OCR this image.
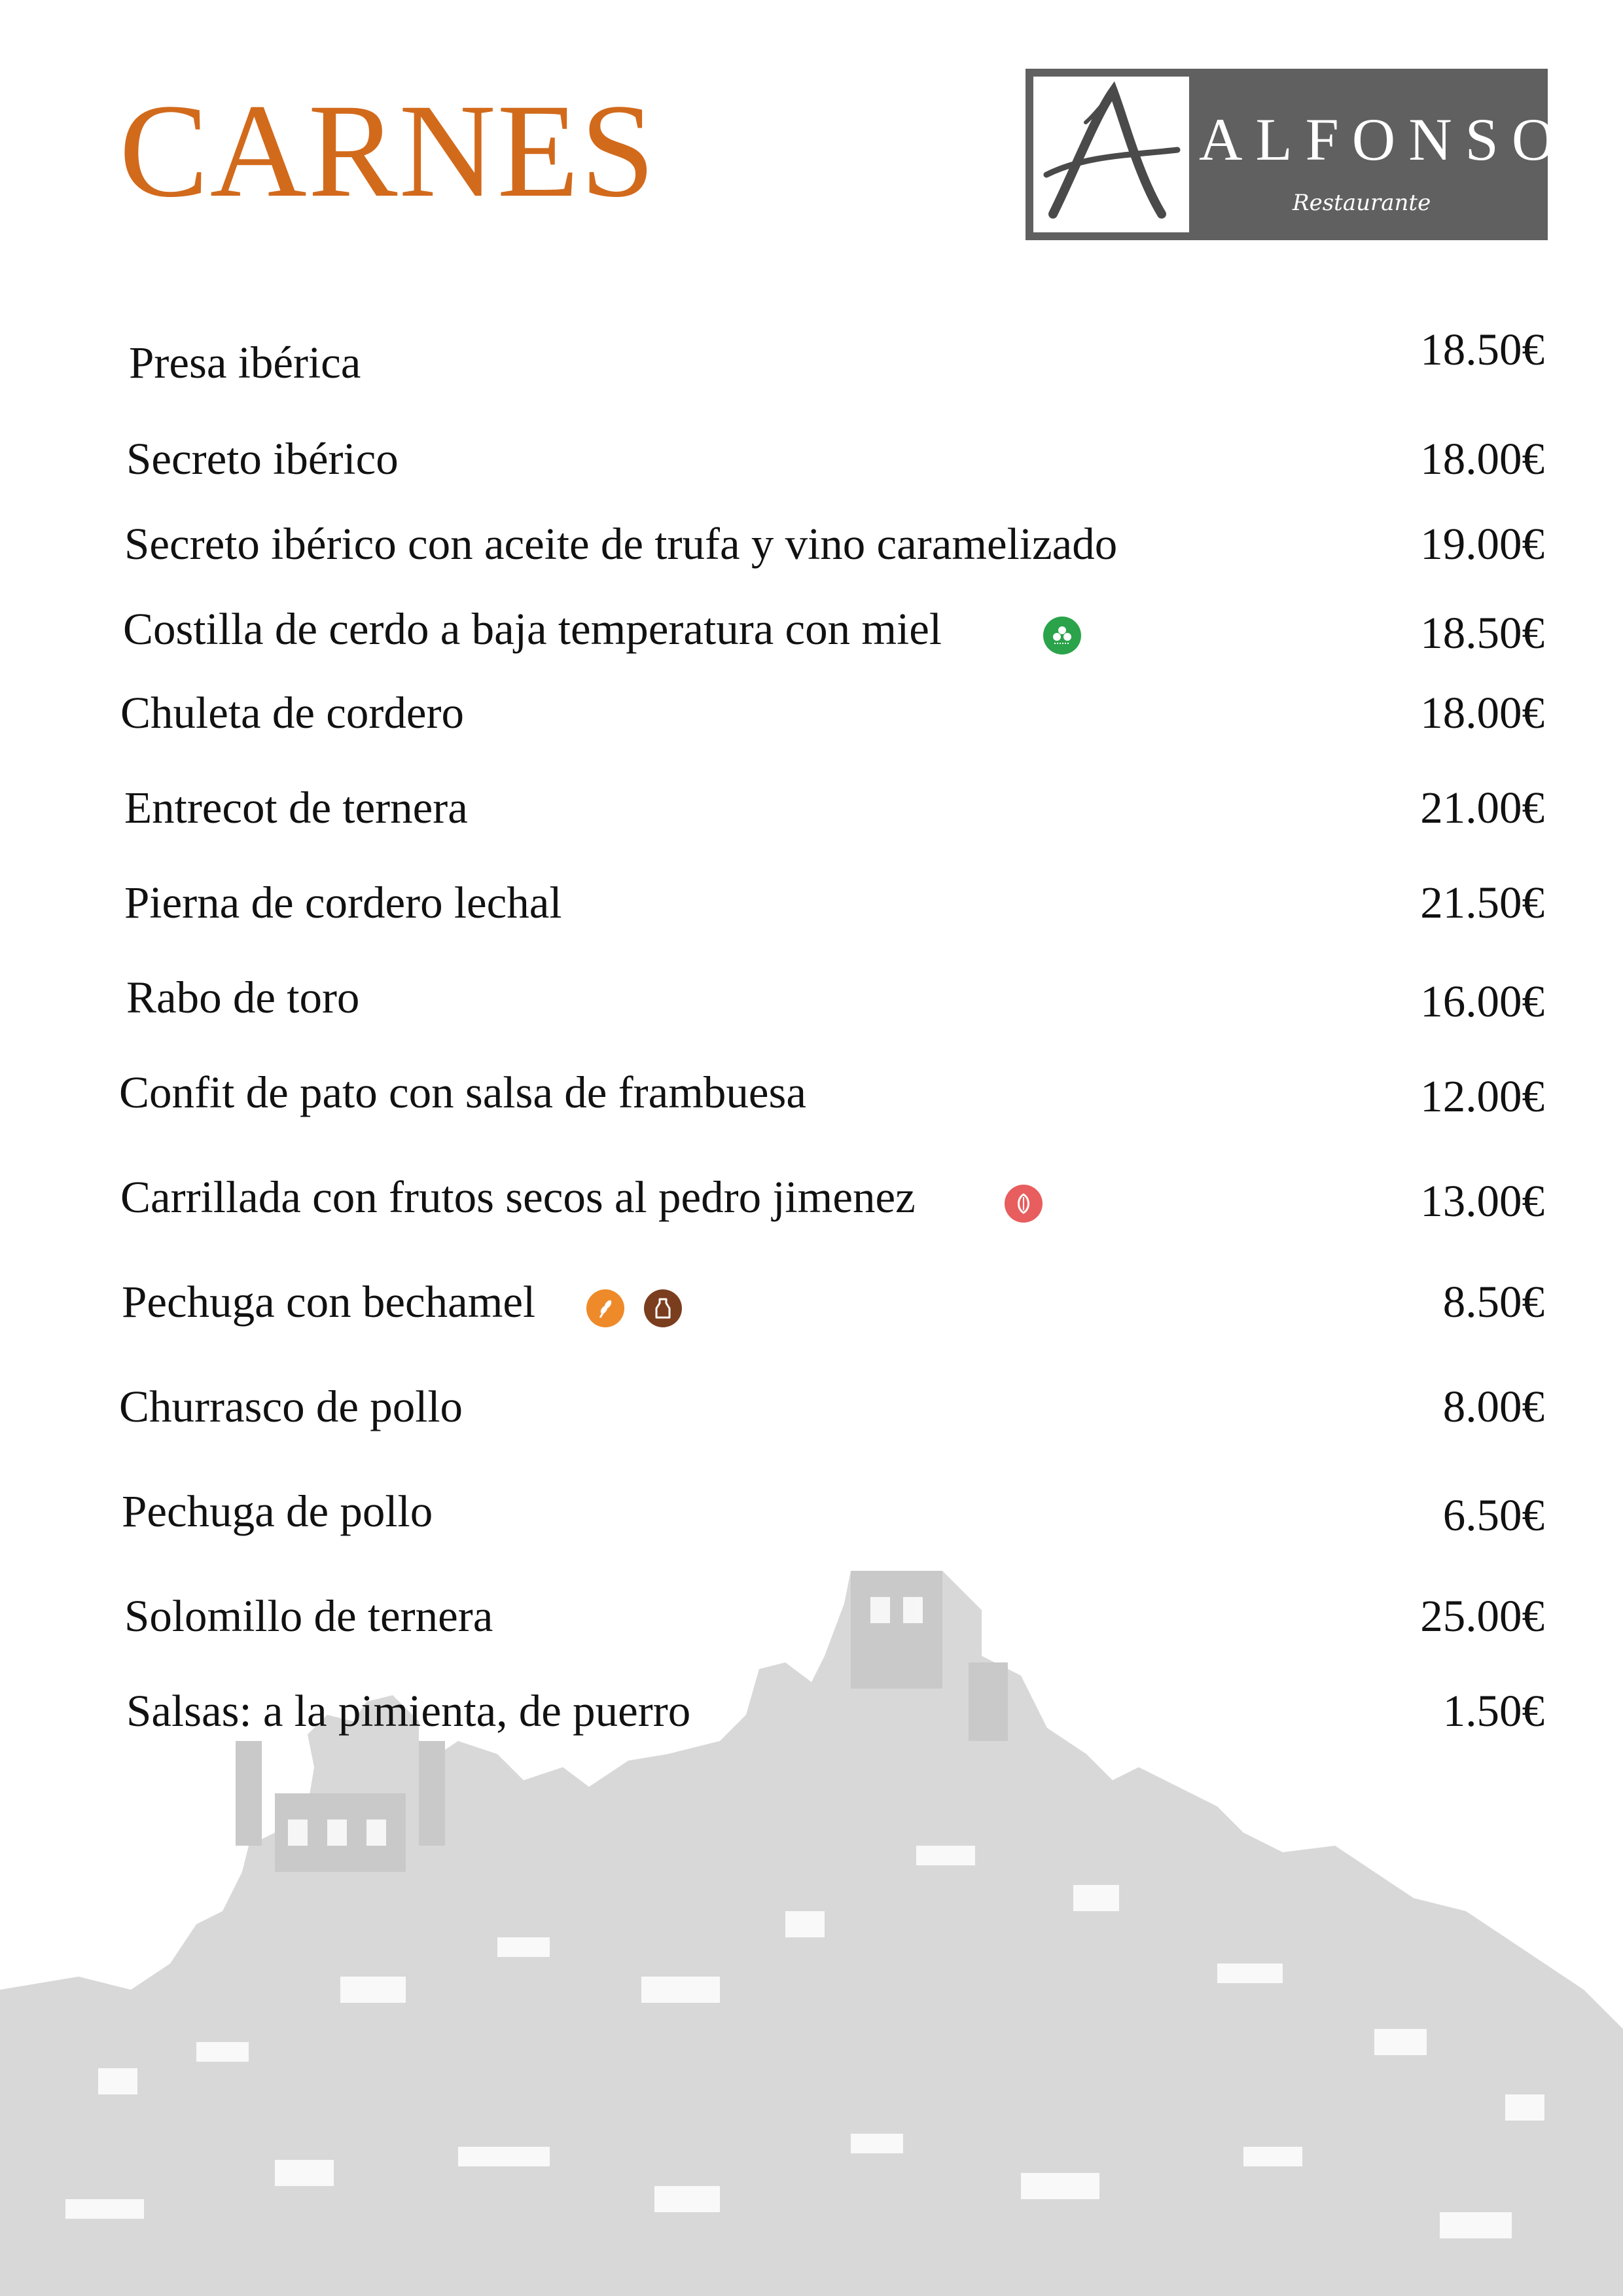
CARNES	ALFONSO
Restaurante
Presa ibérica	18.50€
Secreto ibérico	18.00€
Secreto ibérico con aceite de trufa y vino caramelizado	19.00€
Costilla de cerdo a baja temperatura con miel	18.50€
Chuleta de cordero	18.00€
Entrecot de ternera	21.00€
Pierna de cordero lechal	21.50€
Rabo de toro	16.00€
Confit de pato con salsa de frambuesa	12.00€
Carrillada con frutos secos al pedro jimenez	13.00€
Pechuga con bechamel	8.50€
Churrasco de pollo	8.00€
Pechuga de pollo	6.50€
Solomillo de ternera	25.00€
Salsas: a la pimienta, de puerro	1.50€
